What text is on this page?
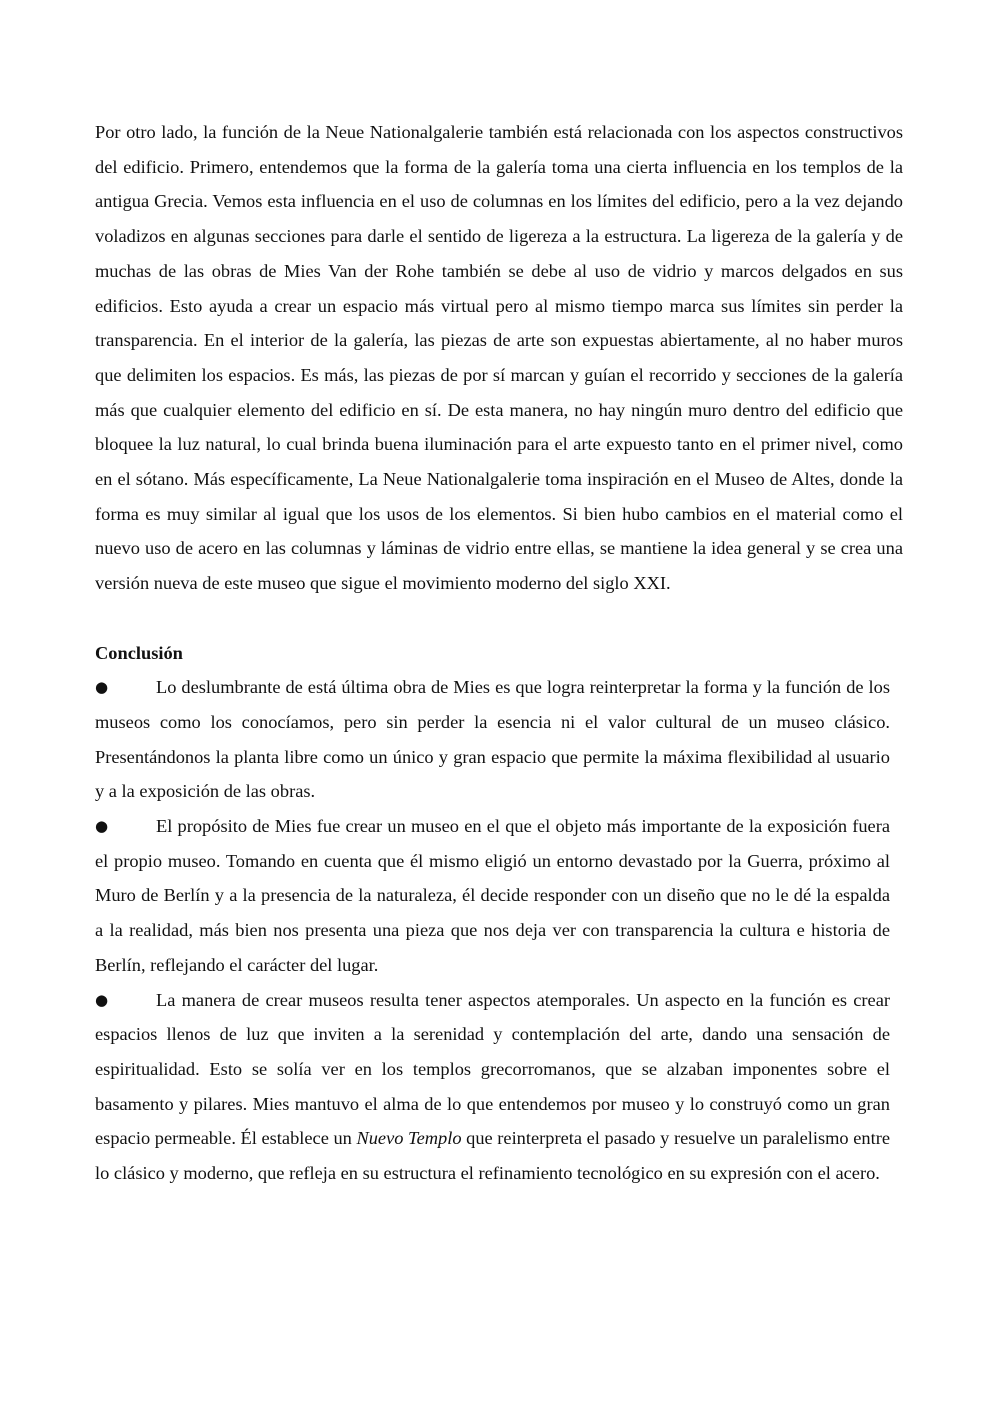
Por otro lado, la función de la Neue Nationalgalerie también está relacionada con los aspectos constructivos del edificio. Primero, entendemos que la forma de la galería toma una cierta influencia en los templos de la antigua Grecia. Vemos esta influencia en el uso de columnas en los límites del edificio, pero a la vez dejando voladizos en algunas secciones para darle el sentido de ligereza a la estructura. La ligereza de la galería y de muchas de las obras de Mies Van der Rohe también se debe al uso de vidrio y marcos delgados en sus edificios. Esto ayuda a crear un espacio más virtual pero al mismo tiempo marca sus límites sin perder la transparencia. En el interior de la galería, las piezas de arte son expuestas abiertamente, al no haber muros que delimiten los espacios. Es más, las piezas de por sí marcan y guían el recorrido y secciones de la galería más que cualquier elemento del edificio en sí. De esta manera, no hay ningún muro dentro del edificio que bloquee la luz natural, lo cual brinda buena iluminación para el arte expuesto tanto en el primer nivel, como en el sótano. Más específicamente, La Neue Nationalgalerie toma inspiración en el Museo de Altes, donde la forma es muy similar al igual que los usos de los elementos. Si bien hubo cambios en el material como el nuevo uso de acero en las columnas y láminas de vidrio entre ellas, se mantiene la idea general y se crea una versión nueva de este museo que sigue el movimiento moderno del siglo XXI.

Conclusión
●	Lo deslumbrante de está última obra de Mies es que logra reinterpretar la forma y la función de los museos como los conocíamos, pero sin perder la esencia ni el valor cultural de un museo clásico. Presentándonos la planta libre como un único y gran espacio que permite la máxima flexibilidad al usuario y a la exposición de las obras.
●	El propósito de Mies fue crear un museo en el que el objeto más importante de la exposición fuera el propio museo. Tomando en cuenta que él mismo eligió un entorno devastado por la Guerra, próximo al Muro de Berlín y a la presencia de la naturaleza, él decide responder con un diseño que no le dé la espalda a la realidad, más bien nos presenta una pieza que nos deja ver con transparencia la cultura e historia de Berlín, reflejando el carácter del lugar.
●	La manera de crear museos resulta tener aspectos atemporales. Un aspecto en la función es crear espacios llenos de luz que inviten a la serenidad y contemplación del arte, dando una sensación de espiritualidad. Esto se solía ver en los templos grecorromanos, que se alzaban imponentes sobre el basamento y pilares. Mies mantuvo el alma de lo que entendemos por museo y lo construyó como un gran espacio permeable. Él establece un Nuevo Templo que reinterpreta el pasado y resuelve un paralelismo entre lo clásico y moderno, que refleja en su estructura el refinamiento tecnológico en su expresión con el acero.
